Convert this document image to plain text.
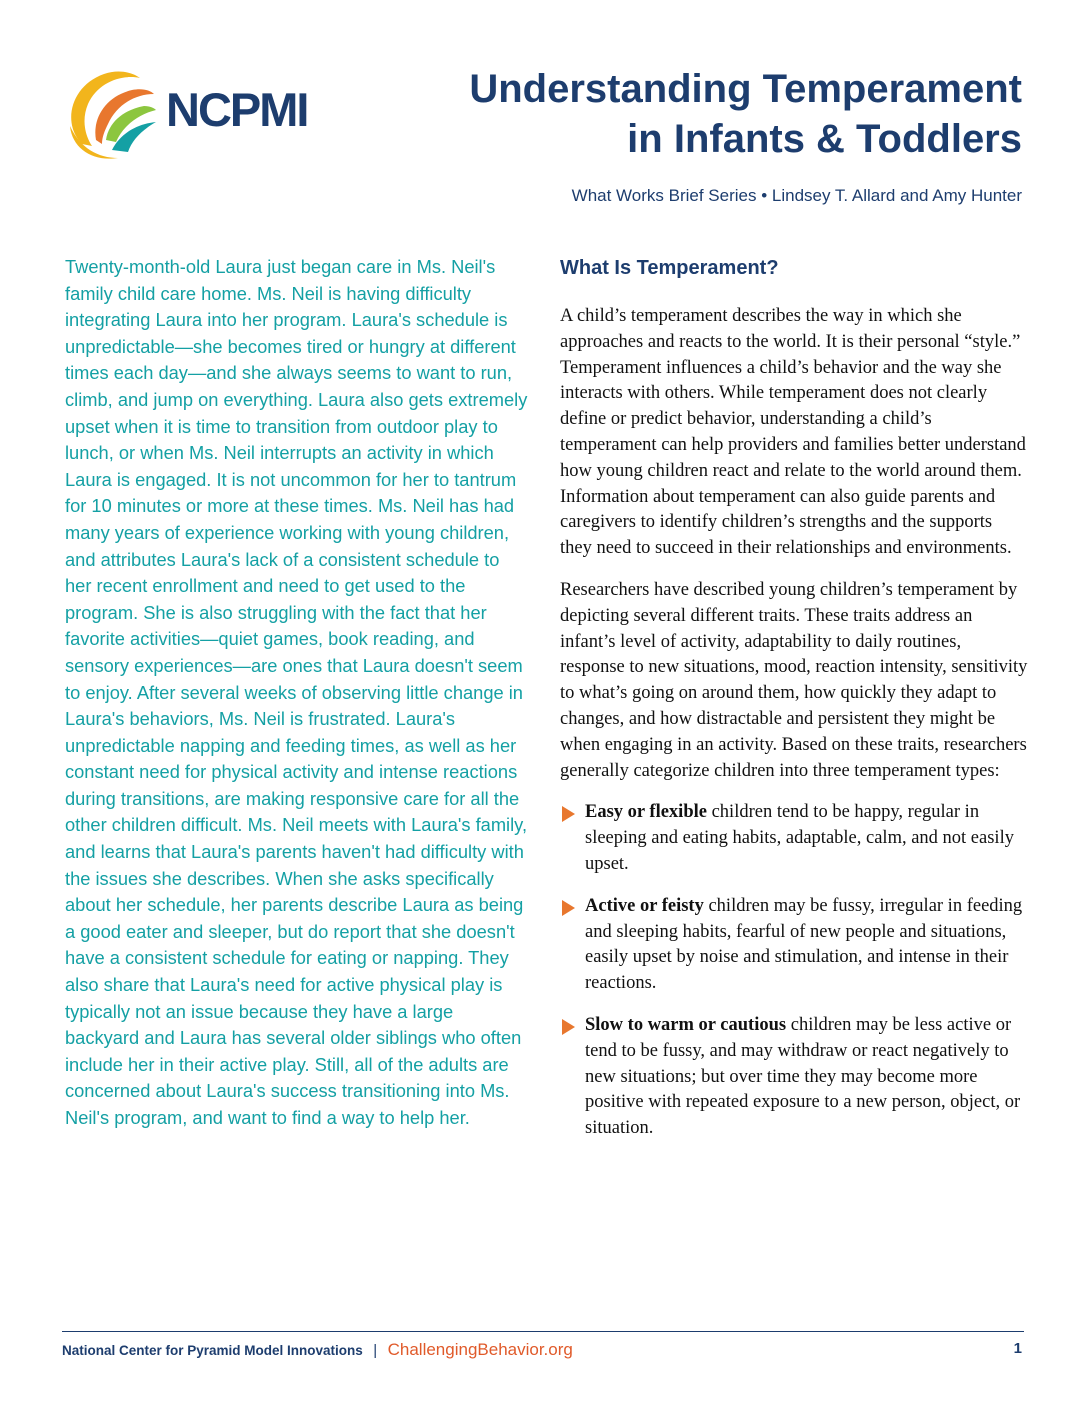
NCPMI	Understanding Temperament
in Infants & Toddlers
What Works Brief Series • Lindsey T. Allard and Amy Hunter

Twenty-month-old Laura just began care in Ms. Neil's family child care home. Ms. Neil is having difficulty integrating Laura into her program. Laura's schedule is unpredictable—she becomes tired or hungry at different times each day—and she always seems to want to run, climb, and jump on everything. Laura also gets extremely upset when it is time to transition from outdoor play to lunch, or when Ms. Neil interrupts an activity in which Laura is engaged. It is not uncommon for her to tantrum for 10 minutes or more at these times. Ms. Neil has had many years of experience working with young children, and attributes Laura's lack of a consistent schedule to her recent enrollment and need to get used to the program. She is also struggling with the fact that her favorite activities—quiet games, book reading, and sensory experiences—are ones that Laura doesn't seem to enjoy. After several weeks of observing little change in Laura's behaviors, Ms. Neil is frustrated. Laura's unpredictable napping and feeding times, as well as her constant need for physical activity and intense reactions during transitions, are making responsive care for all the other children difficult. Ms. Neil meets with Laura's family, and learns that Laura's parents haven't had difficulty with the issues she describes. When she asks specifically about her schedule, her parents describe Laura as being a good eater and sleeper, but do report that she doesn't have a consistent schedule for eating or napping. They also share that Laura's need for active physical play is typically not an issue because they have a large backyard and Laura has several older siblings who often include her in their active play. Still, all of the adults are concerned about Laura's success transitioning into Ms. Neil's program, and want to find a way to help her.

What Is Temperament?

A child’s temperament describes the way in which she approaches and reacts to the world. It is their personal “style.” Temperament influences a child’s behavior and the way she interacts with others. While temperament does not clearly define or predict behavior, understanding a child’s temperament can help providers and families better understand how young children react and relate to the world around them. Information about temperament can also guide parents and caregivers to identify children’s strengths and the supports they need to succeed in their relationships and environments.

Researchers have described young children’s temperament by depicting several different traits. These traits address an infant’s level of activity, adaptability to daily routines, response to new situations, mood, reaction intensity, sensitivity to what’s going on around them, how quickly they adapt to changes, and how distractable and persistent they might be when engaging in an activity. Based on these traits, researchers generally categorize children into three temperament types:

Easy or flexible children tend to be happy, regular in sleeping and eating habits, adaptable, calm, and not easily upset.
Active or feisty children may be fussy, irregular in feeding and sleeping habits, fearful of new people and situations, easily upset by noise and stimulation, and intense in their reactions.
Slow to warm or cautious children may be less active or tend to be fussy, and may withdraw or react negatively to new situations; but over time they may become more positive with repeated exposure to a new person, object, or situation.
National Center for Pyramid Model Innovations | ChallengingBehavior.org	1
